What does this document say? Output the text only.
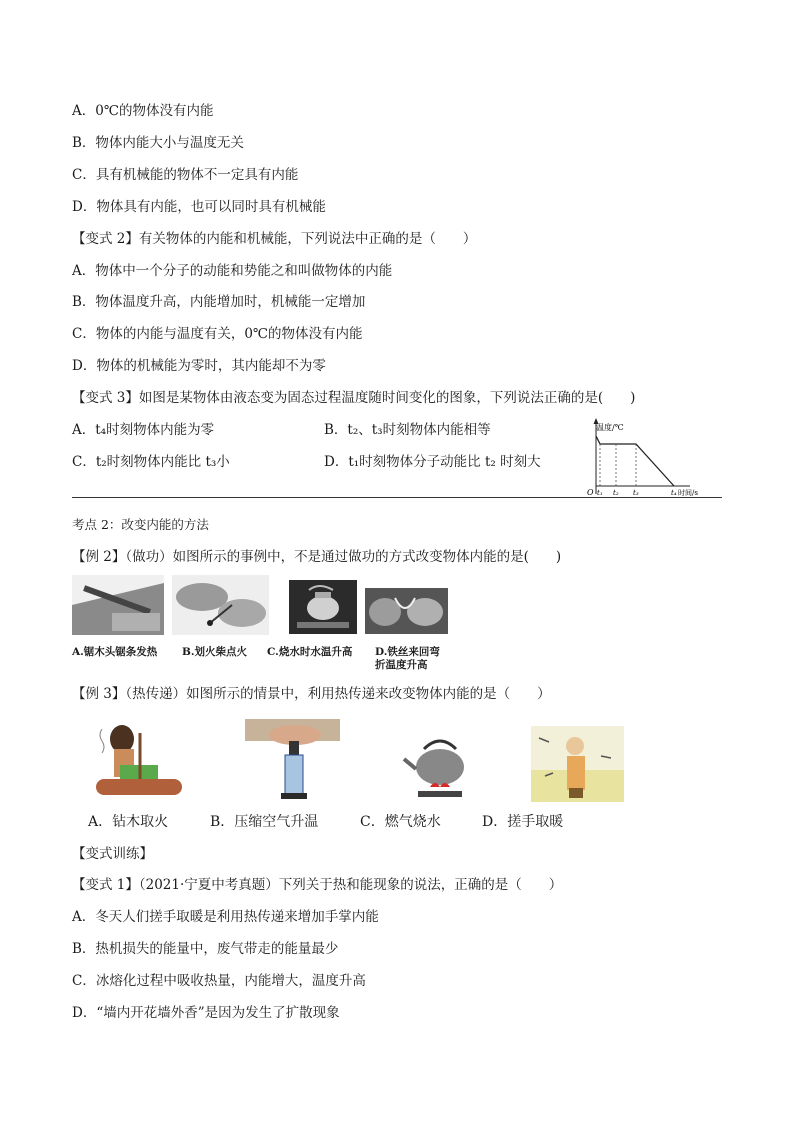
A．0℃的物体没有内能
B．物体内能大小与温度无关
C．具有机械能的物体不一定具有内能
D．物体具有内能，也可以同时具有机械能
【变式 2】有关物体的内能和机械能，下列说法中正确的是（　　）
A．物体中一个分子的动能和势能之和叫做物体的内能
B．物体温度升高，内能增加时，机械能一定增加
C．物体的内能与温度有关，0℃的物体没有内能
D．物体的机械能为零时，其内能却不为零
【变式 3】如图是某物体由液态变为固态过程温度随时间变化的图象，下列说法正确的是(　　)
A．t₄时刻物体内能为零	B．t₂、t₃时刻物体内能相等
C．t₂时刻物体内能比 t₃小	D．t₁时刻物体分子动能比 t₂ 时刻大
温度/℃
O t₁ t₂ t₃	t₄ 时间/s
考点 2：改变内能的方法
【例 2】（做功）如图所示的事例中，不是通过做功的方式改变物体内能的是(　　)
A.锯木头锯条发热 B.划火柴点火 C.烧水时水温升高 D.铁丝来回弯
折温度升高
【例 3】（热传递）如图所示的情景中，利用热传递来改变物体内能的是（　　）
A．钻木取火	B．压缩空气升温	C．燃气烧水	D．搓手取暖
【变式训练】
【变式 1】（2021·宁夏中考真题）下列关于热和能现象的说法，正确的是（　　）
A．冬天人们搓手取暖是利用热传递来增加手掌内能
B．热机损失的能量中，废气带走的能量最少
C．冰熔化过程中吸收热量，内能增大，温度升高
D．“墙内开花墙外香”是因为发生了扩散现象
